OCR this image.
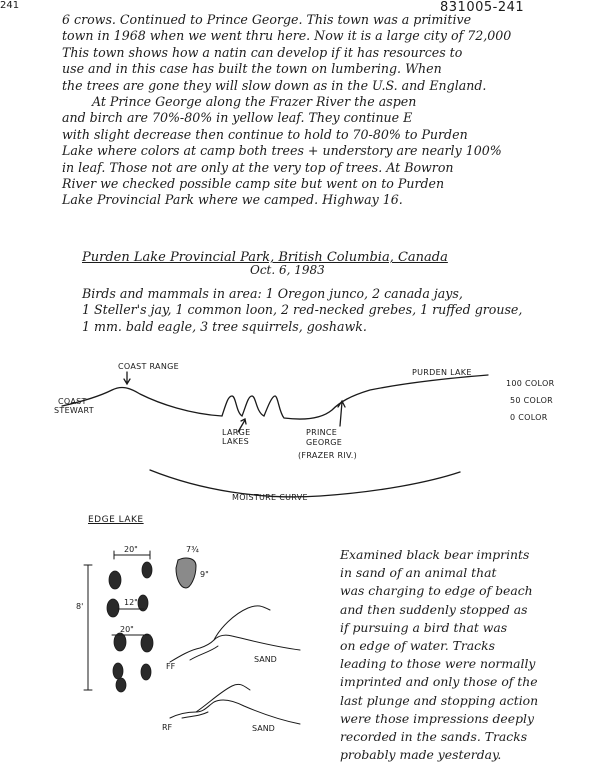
241	831005-241
6 crows. Continued to Prince George. This town was a primitive
town in 1968 when we went thru here. Now it is a large city of 72,000
This town shows how a natin can develop if it has resources to
use and in this case has built the town on lumbering. When
the trees are gone they will slow down as in the U.S. and England.
At Prince George along the Frazer River the aspen
and birch are 70%-80% in yellow leaf. They continue E
with slight decrease then continue to hold to 70-80% to Purden
Lake where colors at camp both trees + understory are nearly 100%
in leaf. Those not are only at the very top of trees. At Bowron
River we checked possible camp site but went on to Purden
Lake Provincial Park where we camped. Highway 16.
Purden Lake Provincial Park, British Columbia, Canada
Oct. 6, 1983
Birds and mammals in area: 1 Oregon junco, 2 canada jays,
1 Steller's jay, 1 common loon, 2 red-necked grebes, 1 ruffed grouse,
1 mm. bald eagle, 3 tree squirrels, goshawk.
COAST RANGE
COAST
STEWART
LARGE
LAKES
PRINCE
GEORGE
(FRAZER RIV.)
PURDEN LAKE
100 COLOR
50 COLOR
0 COLOR
MOISTURE CURVE
EDGE LAKE
20"	7¾
9"
8'	12"
20"
FF
SAND
RF	SAND
Examined black bear imprints
in sand of an animal that
was charging to edge of beach
and then suddenly stopped as
if pursuing a bird that was
on edge of water. Tracks
leading to those were normally
imprinted and only those of the
last plunge and stopping action
were those impressions deeply
recorded in the sands. Tracks
probably made yesterday.
